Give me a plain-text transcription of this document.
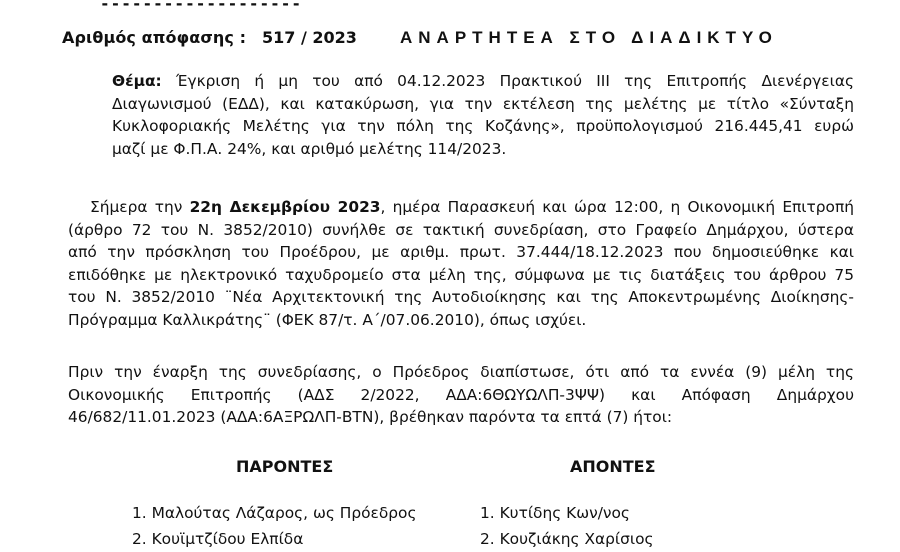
-------------------
Αριθμός απόφασης : 517 / 2023	ΑΝΑΡΤΗΤΕΑ ΣΤΟ ΔΙΑΔΙΚΤΥΟ
Θέμα: Έγκριση ή μη του από 04.12.2023 Πρακτικού ΙΙΙ της Επιτροπής Διενέργειας
Διαγωνισμού (ΕΔΔ), και κατακύρωση, για την εκτέλεση της μελέτης με τίτλο «Σύνταξη
Κυκλοφοριακής Μελέτης για την πόλη της Κοζάνης», προϋπολογισμού 216.445,41 ευρώ
μαζί με Φ.Π.Α. 24%, και αριθμό μελέτης 114/2023.
Σήμερα την 22η Δεκεμβρίου 2023, ημέρα Παρασκευή και ώρα 12:00, η Οικονομική Επιτροπή
(άρθρο 72 του Ν. 3852/2010) συνήλθε σε τακτική συνεδρίαση, στο Γραφείο Δημάρχου, ύστερα
από την πρόσκληση του Προέδρου, με αριθμ. πρωτ. 37.444/18.12.2023 που δημοσιεύθηκε και
επιδόθηκε με ηλεκτρονικό ταχυδρομείο στα μέλη της, σύμφωνα με τις διατάξεις του άρθρου 75
του Ν. 3852/2010 ¨Νέα Αρχιτεκτονική της Αυτοδιοίκησης και της Αποκεντρωμένης Διοίκησης-
Πρόγραμμα Καλλικράτης¨ (ΦΕΚ 87/τ. Α΄/07.06.2010), όπως ισχύει.
Πριν την έναρξη της συνεδρίασης, ο Πρόεδρος διαπίστωσε, ότι από τα εννέα (9) μέλη της
Οικονομικής Επιτροπής (ΑΔΣ 2/2022, ΑΔΑ:6ΘΩΥΩΛΠ-3ΨΨ) και Απόφαση Δημάρχου
46/682/11.01.2023 (ΑΔΑ:6ΑΞΡΩΛΠ-ΒΤΝ), βρέθηκαν παρόντα τα επτά (7) ήτοι:
ΠΑΡΟΝΤΕΣ	ΑΠΟΝΤΕΣ
1. Μαλούτας Λάζαρος, ως Πρόεδρος
2. Κουϊμτζίδου Ελπίδα
1. Κυτίδης Κων/νος
2. Κουζιάκης Χαρίσιος
